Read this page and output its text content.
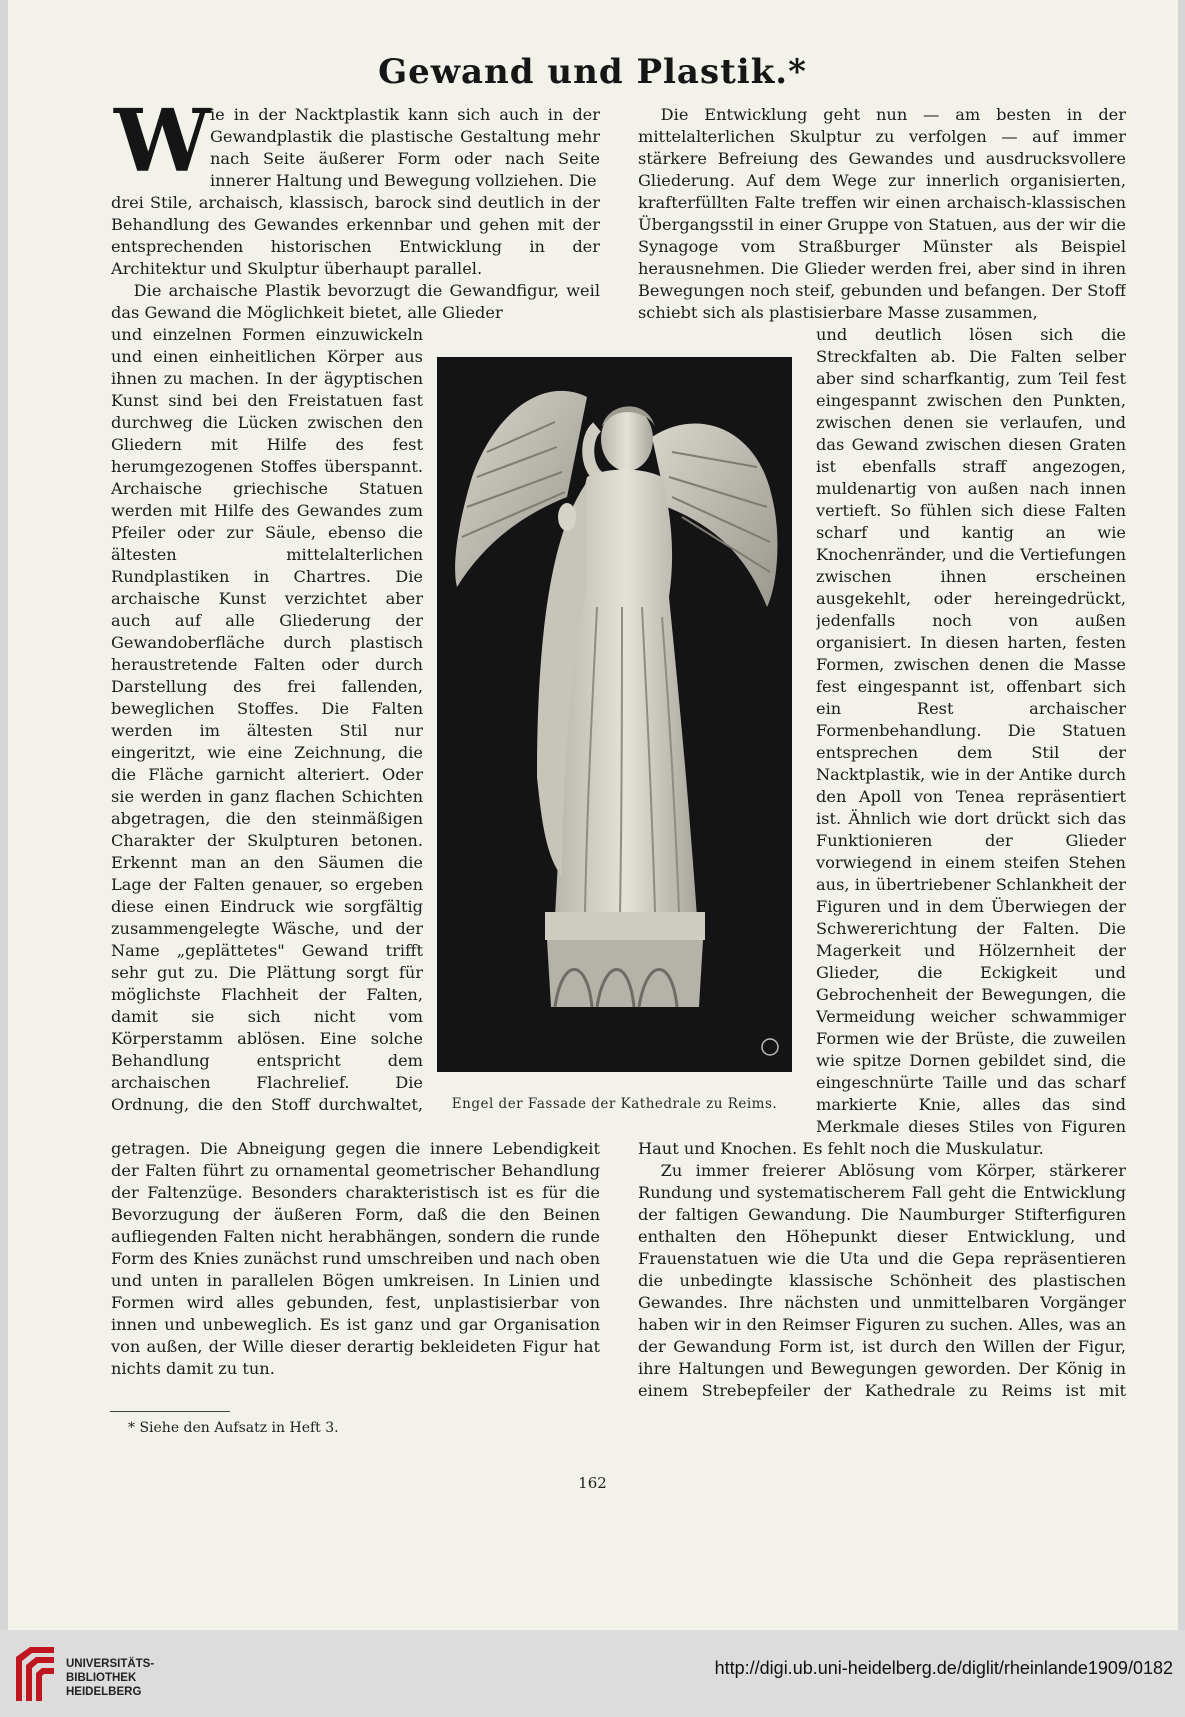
Gewand und Plastik.*
W ie in der Nacktplastik kann sich auch in der Gewandplastik die plastische Gestaltung mehr nach Seite äußerer Form oder nach Seite innerer Haltung und Bewegung vollziehen. Die

drei Stile, archaisch, klassisch, barock sind deutlich in der Behandlung des Gewandes erkennbar und gehen mit der entsprechenden historischen Entwicklung in der Architektur und Skulptur überhaupt parallel.

Die archaische Plastik bevorzugt die Gewandfigur, weil das Gewand die Möglichkeit bietet, alle Glieder

und einzelnen Formen einzuwickeln und einen einheitlichen Körper aus ihnen zu machen. In der ägyptischen Kunst sind bei den Freistatuen fast durchweg die Lücken zwischen den Gliedern mit Hilfe des fest herumgezogenen Stoffes überspannt. Archaische griechische Statuen werden mit Hilfe des Gewandes zum Pfeiler oder zur Säule, ebenso die ältesten mittelalterlichen Rundplastiken in Chartres. Die archaische Kunst verzichtet aber auch auf alle Gliederung der Gewandoberfläche durch plastisch heraustretende Falten oder durch Darstellung des frei fallenden, beweglichen Stoffes. Die Falten werden im ältesten Stil nur eingeritzt, wie eine Zeichnung, die die Fläche garnicht alteriert. Oder sie werden in ganz flachen Schichten abgetragen, die den steinmäßigen Charakter der Skulpturen betonen. Erkennt man an den Säumen die Lage der Falten genauer, so ergeben diese einen Eindruck wie sorgfältig zusammengelegte Wäsche, und der Name „geplättetes" Gewand trifft sehr gut zu. Die Plättung sorgt für möglichste Flachheit der Falten, damit sie sich nicht vom Körperstamm ablösen. Eine solche Behandlung entspricht dem archaischen Flachrelief. Die Ordnung, die den Stoff durchwaltet,

getragen. Die Abneigung gegen die innere Lebendigkeit der Falten führt zu ornamental geometrischer Behandlung der Faltenzüge. Besonders charakteristisch ist es für die Bevorzugung der äußeren Form, daß die den Beinen aufliegenden Falten nicht herabhängen, sondern die runde Form des Knies zunächst rund umschreiben und nach oben und unten in parallelen Bögen umkreisen. In Linien und Formen wird alles gebunden, fest, unplastisierbar von innen und unbeweglich. Es ist ganz und gar Organisation von außen, der Wille dieser derartig bekleideten Figur hat nichts damit zu tun.

Die Entwicklung geht nun — am besten in der mittelalterlichen Skulptur zu verfolgen — auf immer stärkere Befreiung des Gewandes und ausdrucksvollere Gliederung. Auf dem Wege zur innerlich organisierten, krafterfüllten Falte treffen wir einen archaisch-klassischen Übergangsstil in einer Gruppe von Statuen, aus der wir die Synagoge vom Straßburger Münster als Beispiel herausnehmen. Die Glieder werden frei, aber sind in ihren Bewegungen noch steif, gebunden und befangen. Der Stoff schiebt sich als plastisierbare Masse zusammen,

und deutlich lösen sich die Streckfalten ab. Die Falten selber aber sind scharfkantig, zum Teil fest eingespannt zwischen den Punkten, zwischen denen sie verlaufen, und das Gewand zwischen diesen Graten ist ebenfalls straff angezogen, muldenartig von außen nach innen vertieft. So fühlen sich diese Falten scharf und kantig an wie Knochenränder, und die Vertiefungen zwischen ihnen erscheinen ausgekehlt, oder hereingedrückt, jedenfalls noch von außen organisiert. In diesen harten, festen Formen, zwischen denen die Masse fest eingespannt ist, offenbart sich ein Rest archaischer Formenbehandlung. Die Statuen entsprechen dem Stil der Nacktplastik, wie in der Antike durch den Apoll von Tenea repräsentiert ist. Ähnlich wie dort drückt sich das Funktionieren der Glieder vorwiegend in einem steifen Stehen aus, in übertriebener Schlankheit der Figuren und in dem Überwiegen der Schwererichtung der Falten. Die Magerkeit und Hölzernheit der Glieder, die Eckigkeit und Gebrochenheit der Bewegungen, die Vermeidung weicher schwammiger Formen wie der Brüste, die zuweilen wie spitze Dornen gebildet sind, die eingeschnürte Taille und das scharf markierte Knie, alles das sind Merkmale dieses Stiles von Figuren

Haut und Knochen. Es fehlt noch die Muskulatur.

Zu immer freierer Ablösung vom Körper, stärkerer Rundung und systematischerem Fall geht die Entwicklung der faltigen Gewandung. Die Naumburger Stifterfiguren enthalten den Höhepunkt dieser Entwicklung, und Frauenstatuen wie die Uta und die Gepa repräsentieren die unbedingte klassische Schönheit des plastischen Gewandes. Ihre nächsten und unmittelbaren Vorgänger haben wir in den Reimser Figuren zu suchen. Alles, was an der Gewandung Form ist, ist durch den Willen der Figur, ihre Haltungen und Bewegungen geworden. Der König in einem Strebepfeiler der Kathedrale zu Reims ist mit

Engel der Fassade der Kathedrale zu Reims.
* Siehe den Aufsatz in Heft 3.
162
UNIVERSITÄTS-
BIBLIOTHEK
HEIDELBERG
http://digi.ub.uni-heidelberg.de/diglit/rheinlande1909/0182
